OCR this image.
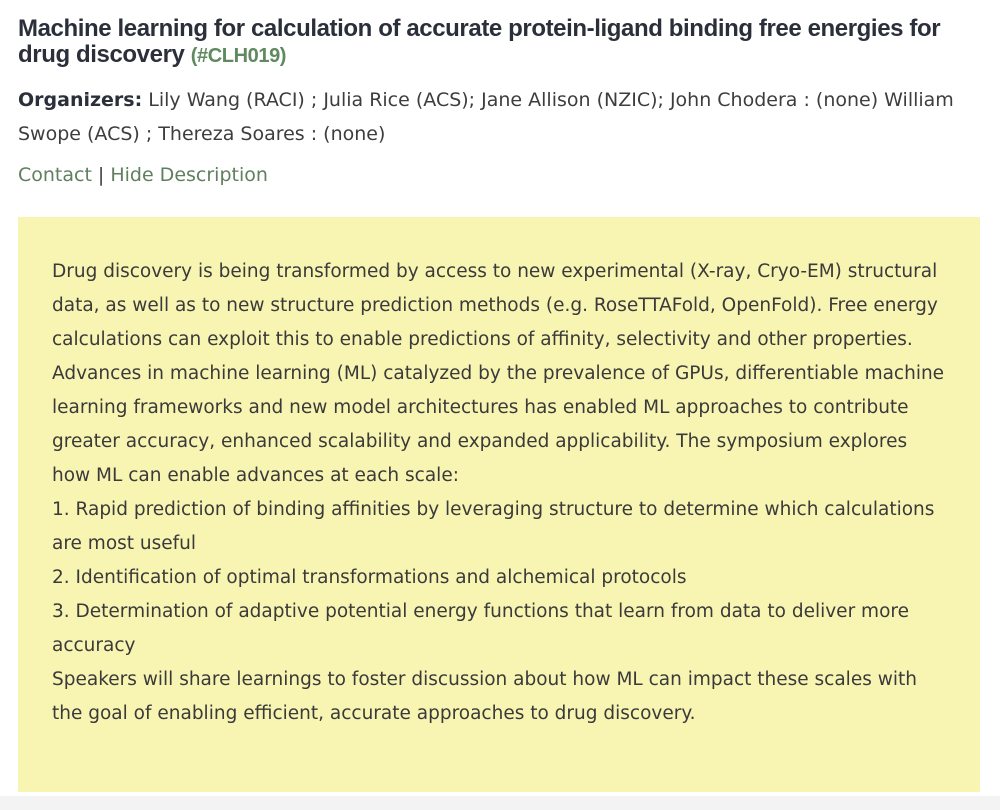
Machine learning for calculation of accurate protein-ligand binding free energies for drug discovery (#CLH019)

Organizers: Lily Wang (RACI) ; Julia Rice (ACS); Jane Allison (NZIC); John Chodera : (none) William Swope (ACS) ; Thereza Soares : (none)

Contact | Hide Description

Drug discovery is being transformed by access to new experimental (X-ray, Cryo-EM) structural data, as well as to new structure prediction methods (e.g. RoseTTAFold, OpenFold). Free energy calculations can exploit this to enable predictions of affinity, selectivity and other properties. Advances in machine learning (ML) catalyzed by the prevalence of GPUs, differentiable machine learning frameworks and new model architectures has enabled ML approaches to contribute greater accuracy, enhanced scalability and expanded applicability. The symposium explores how ML can enable advances at each scale:

1. Rapid prediction of binding affinities by leveraging structure to determine which calculations are most useful

2. Identification of optimal transformations and alchemical protocols

3. Determination of adaptive potential energy functions that learn from data to deliver more accuracy

Speakers will share learnings to foster discussion about how ML can impact these scales with the goal of enabling efficient, accurate approaches to drug discovery.
